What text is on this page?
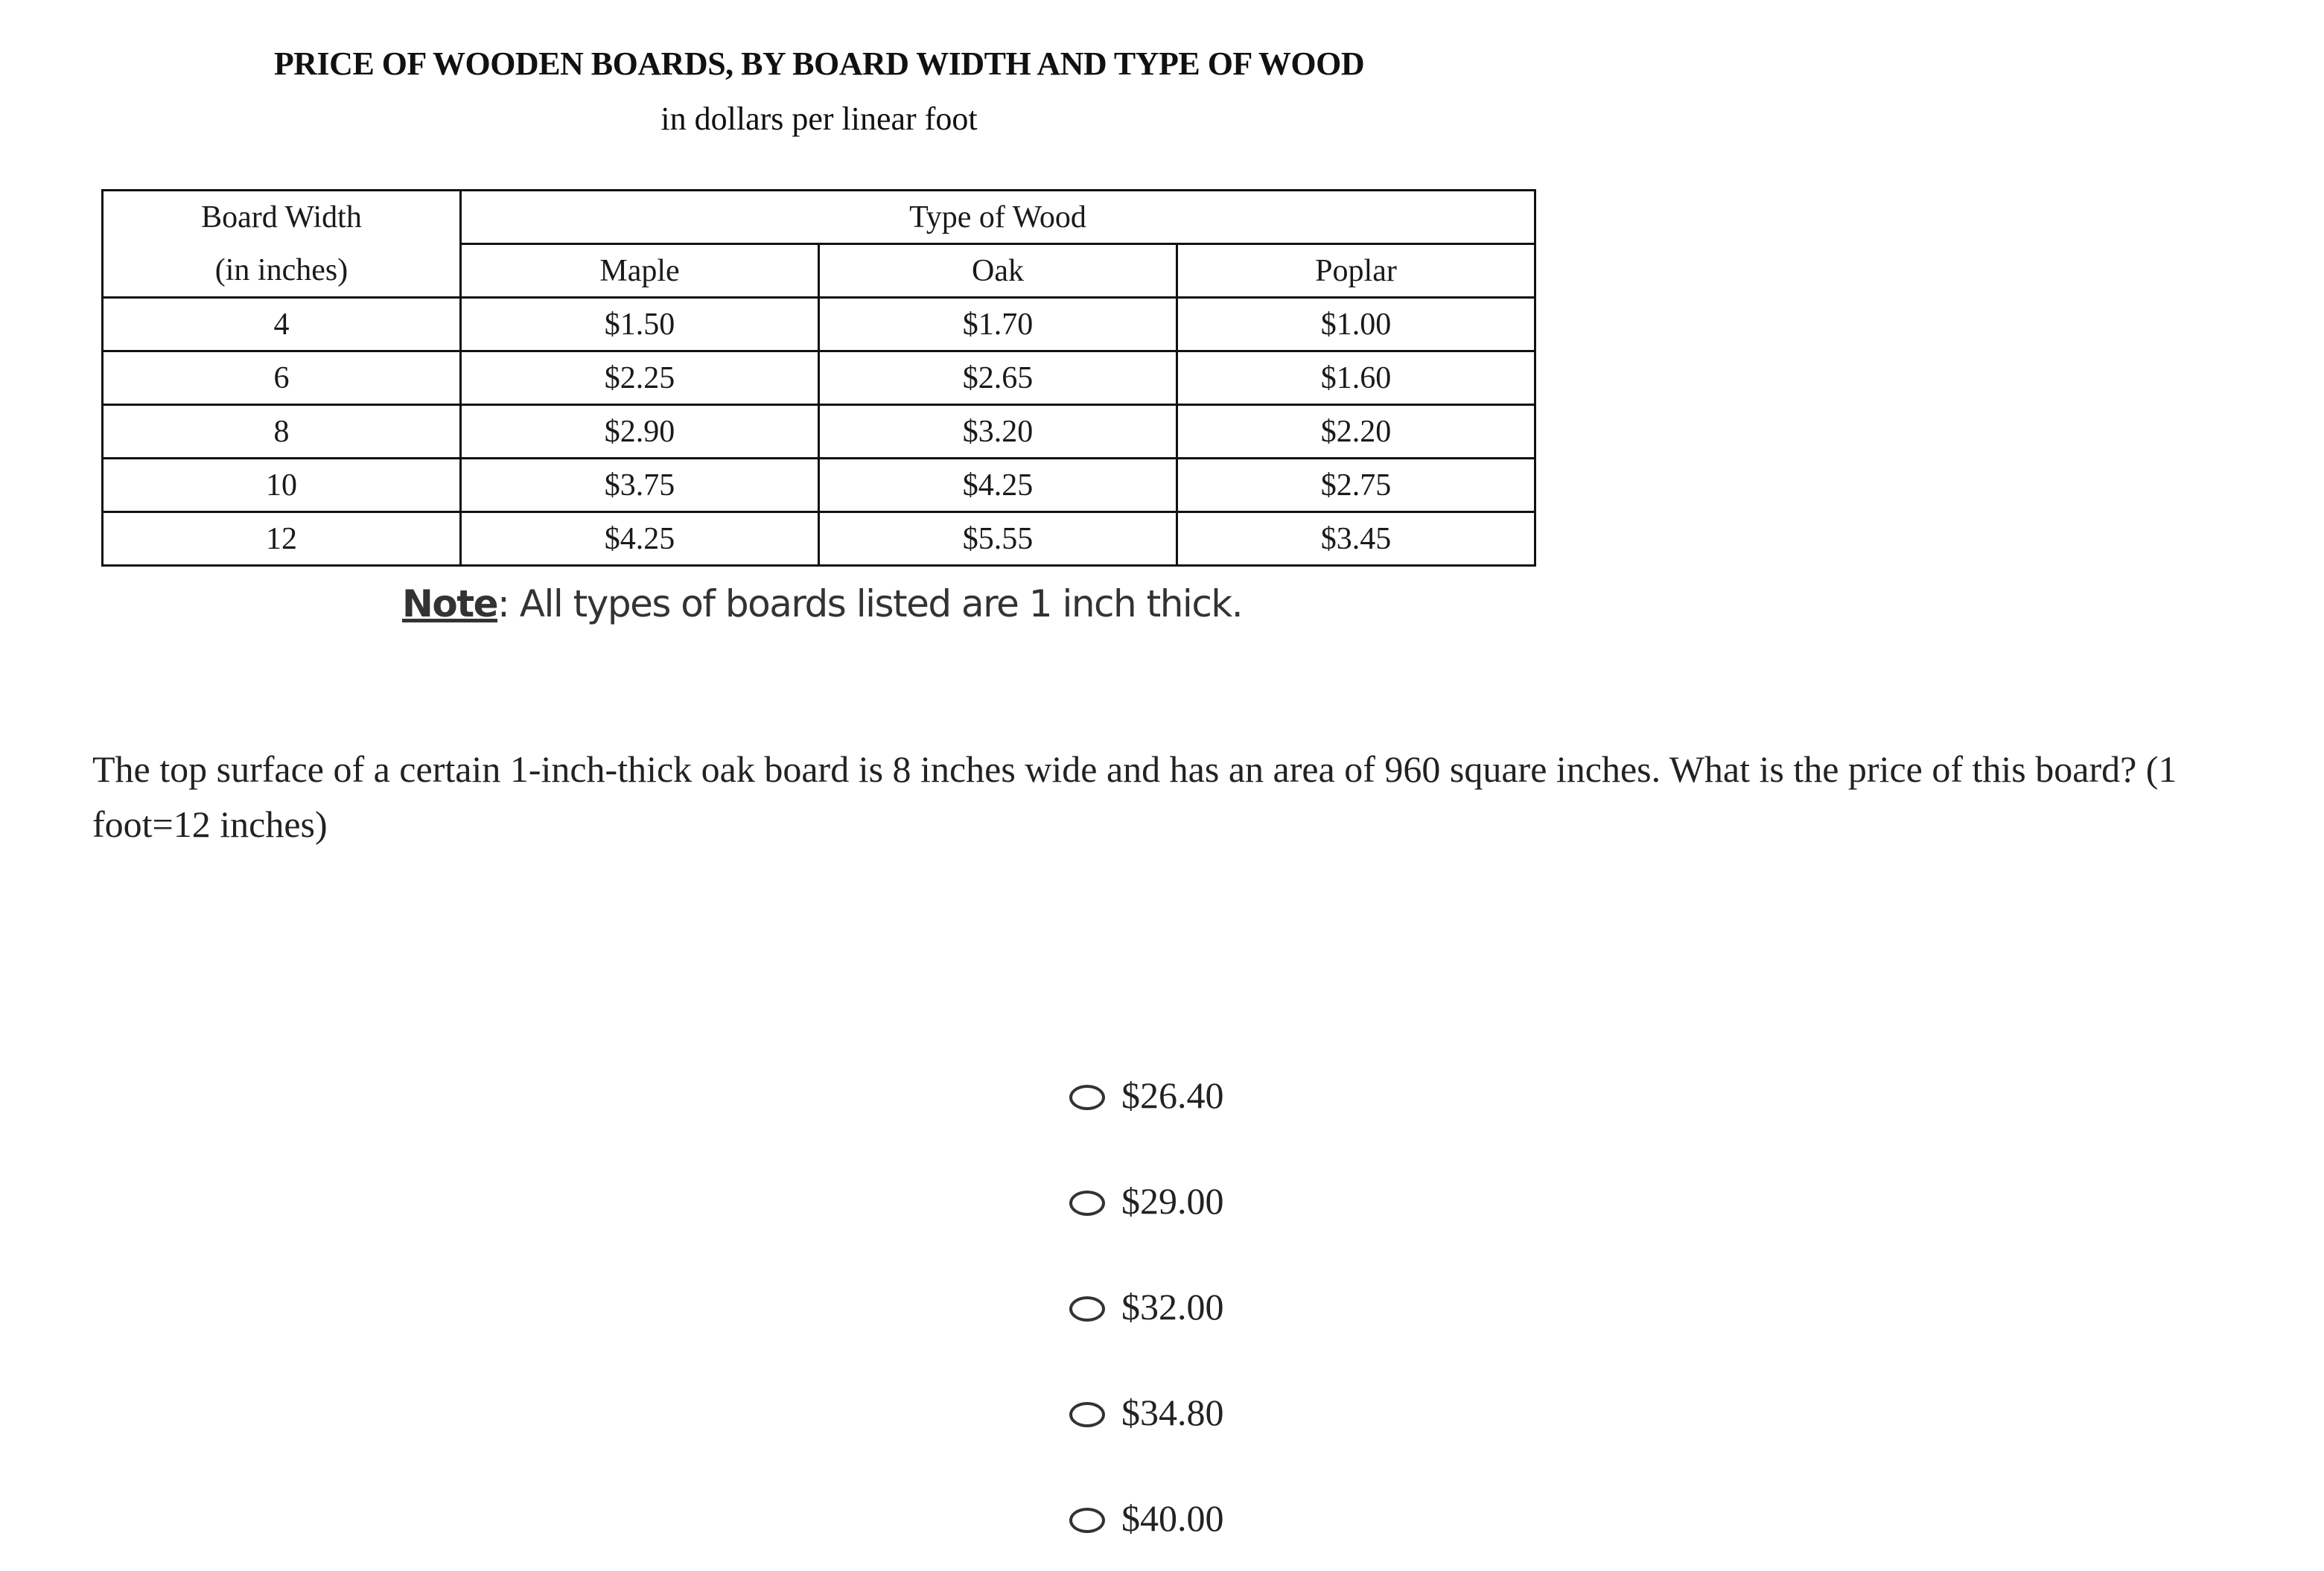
PRICE OF WOODEN BOARDS, BY BOARD WIDTH AND TYPE OF WOOD
in dollars per linear foot
Board Width	Type of Wood		
(in inches)	Maple	Oak	Poplar
4	$1.50	$1.70	$1.00
6	$2.25	$2.65	$1.60
8	$2.90	$3.20	$2.20
10	$3.75	$4.25	$2.75
12	$4.25	$5.55	$3.45
Note: All types of boards listed are 1 inch thick.
The top surface of a certain 1-inch-thick oak board is 8 inches wide and has an area of 960 square inches. What is the price of this board? (1 foot=12 inches)
$26.40
$29.00
$32.00
$34.80
$40.00
